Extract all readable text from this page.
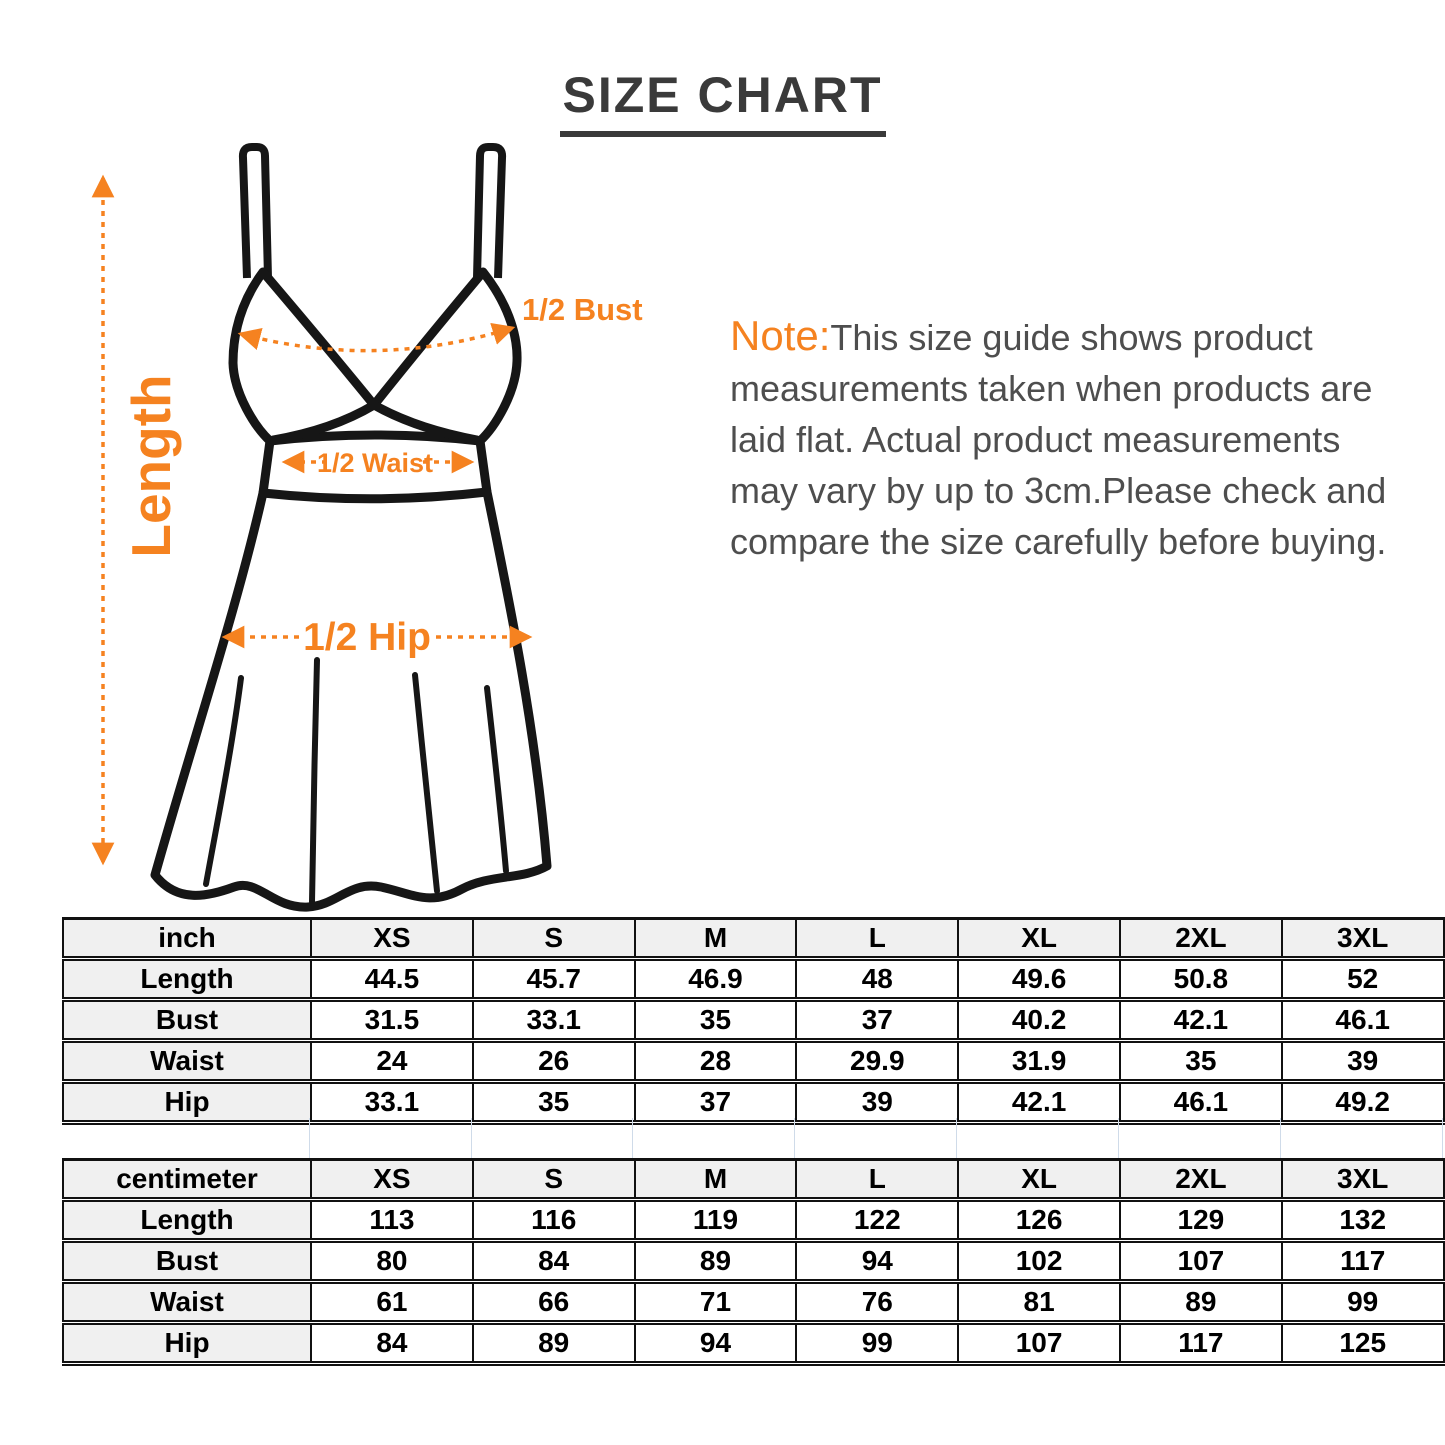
SIZE CHART
Length
1/2 Bust
1/2 Waist
1/2 Hip
Note:This size guide shows product measurements taken when products are laid flat. Actual product measurements may vary by up to 3cm.Please check and compare the size carefully before buying.
inch	XS	S	M	L	XL	2XL	3XL
Length	44.5	45.7	46.9	48	49.6	50.8	52
Bust	31.5	33.1	35	37	40.2	42.1	46.1
Waist	24	26	28	29.9	31.9	35	39
Hip	33.1	35	37	39	42.1	46.1	49.2
centimeter	XS	S	M	L	XL	2XL	3XL
Length	113	116	119	122	126	129	132
Bust	80	84	89	94	102	107	117
Waist	61	66	71	76	81	89	99
Hip	84	89	94	99	107	117	125
